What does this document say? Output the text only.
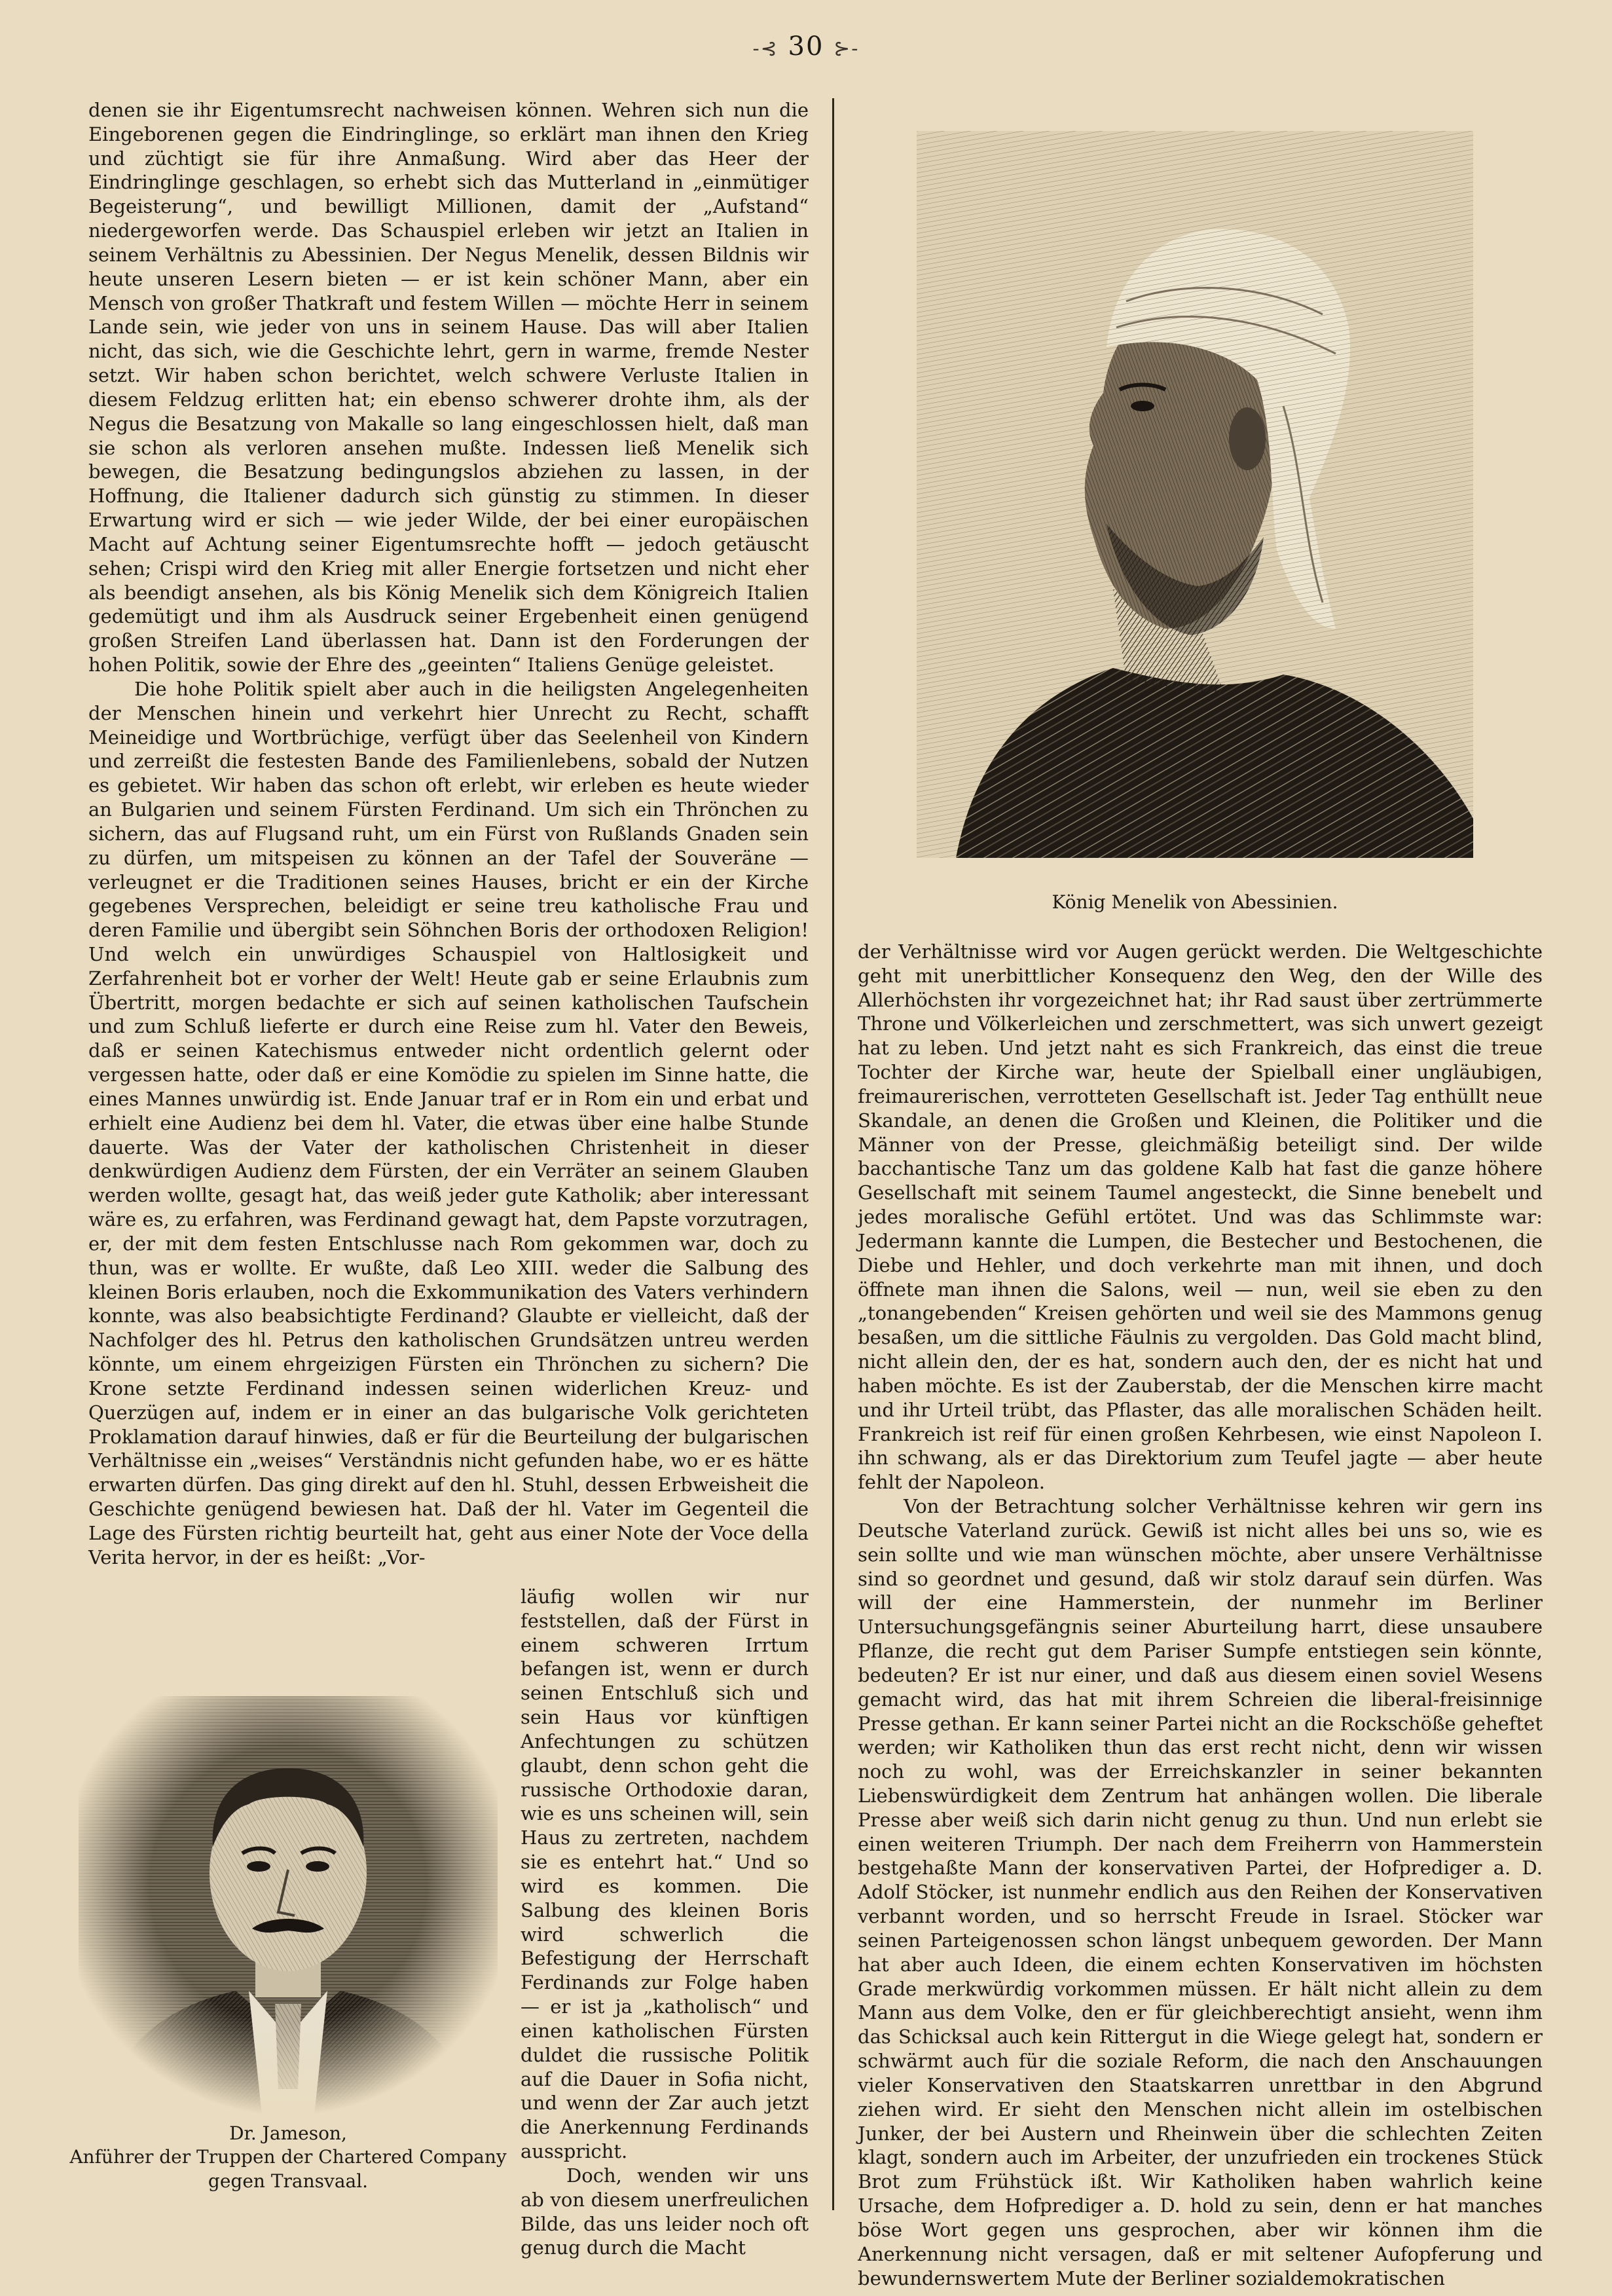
-⊰ 30 ⊱-

denen sie ihr Eigentumsrecht nachweisen können. Wehren sich nun die Eingeborenen gegen die Eindringlinge, so erklärt man ihnen den Krieg und züchtigt sie für ihre Anmaßung. Wird aber das Heer der Eindringlinge geschlagen, so erhebt sich das Mutterland in „einmütiger Begeisterung“, und bewilligt Millionen, damit der „Aufstand“ niedergeworfen werde. Das Schauspiel erleben wir jetzt an Italien in seinem Verhältnis zu Abessinien. Der Negus Menelik, dessen Bildnis wir heute unseren Lesern bieten — er ist kein schöner Mann, aber ein Mensch von großer Thatkraft und festem Willen — möchte Herr in seinem Lande sein, wie jeder von uns in seinem Hause. Das will aber Italien nicht, das sich, wie die Geschichte lehrt, gern in warme, fremde Nester setzt. Wir haben schon berichtet, welch schwere Verluste Italien in diesem Feldzug erlitten hat; ein ebenso schwerer drohte ihm, als der Negus die Besatzung von Makalle so lang eingeschlossen hielt, daß man sie schon als verloren ansehen mußte. Indessen ließ Menelik sich bewegen, die Besatzung bedingungslos abziehen zu lassen, in der Hoffnung, die Italiener dadurch sich günstig zu stimmen. In dieser Erwartung wird er sich — wie jeder Wilde, der bei einer europäischen Macht auf Achtung seiner Eigentumsrechte hofft — jedoch getäuscht sehen; Crispi wird den Krieg mit aller Energie fortsetzen und nicht eher als beendigt ansehen, als bis König Menelik sich dem Königreich Italien gedemütigt und ihm als Ausdruck seiner Ergebenheit einen genügend großen Streifen Land überlassen hat. Dann ist den Forderungen der hohen Politik, sowie der Ehre des „geeinten“ Italiens Genüge geleistet.

Die hohe Politik spielt aber auch in die heiligsten Angelegenheiten der Menschen hinein und verkehrt hier Unrecht zu Recht, schafft Meineidige und Wortbrüchige, verfügt über das Seelenheil von Kindern und zerreißt die festesten Bande des Familienlebens, sobald der Nutzen es gebietet. Wir haben das schon oft erlebt, wir erleben es heute wieder an Bulgarien und seinem Fürsten Ferdinand. Um sich ein Thrönchen zu sichern, das auf Flugsand ruht, um ein Fürst von Rußlands Gnaden sein zu dürfen, um mitspeisen zu können an der Tafel der Souveräne — verleugnet er die Traditionen seines Hauses, bricht er ein der Kirche gegebenes Versprechen, beleidigt er seine treu katholische Frau und deren Familie und übergibt sein Söhnchen Boris der orthodoxen Religion! Und welch ein unwürdiges Schauspiel von Haltlosigkeit und Zerfahrenheit bot er vorher der Welt! Heute gab er seine Erlaubnis zum Übertritt, morgen bedachte er sich auf seinen katholischen Taufschein und zum Schluß lieferte er durch eine Reise zum hl. Vater den Beweis, daß er seinen Katechismus entweder nicht ordentlich gelernt oder vergessen hatte, oder daß er eine Komödie zu spielen im Sinne hatte, die eines Mannes unwürdig ist. Ende Januar traf er in Rom ein und erbat und erhielt eine Audienz bei dem hl. Vater, die etwas über eine halbe Stunde dauerte. Was der Vater der katholischen Christenheit in dieser denkwürdigen Audienz dem Fürsten, der ein Verräter an seinem Glauben werden wollte, gesagt hat, das weiß jeder gute Katholik; aber interessant wäre es, zu erfahren, was Ferdinand gewagt hat, dem Papste vorzutragen, er, der mit dem festen Entschlusse nach Rom gekommen war, doch zu thun, was er wollte. Er wußte, daß Leo XIII. weder die Salbung des kleinen Boris erlauben, noch die Exkommunikation des Vaters verhindern konnte, was also beabsichtigte Ferdinand? Glaubte er vielleicht, daß der Nachfolger des hl. Petrus den katholischen Grundsätzen untreu werden könnte, um einem ehrgeizigen Fürsten ein Thrönchen zu sichern? Die Krone setzte Ferdinand indessen seinen widerlichen Kreuz- und Querzügen auf, indem er in einer an das bulgarische Volk gerichteten Proklamation darauf hinwies, daß er für die Beurteilung der bulgarischen Verhältnisse ein „weises“ Verständnis nicht gefunden habe, wo er es hätte erwarten dürfen. Das ging direkt auf den hl. Stuhl, dessen Erbweisheit die Geschichte genügend bewiesen hat. Daß der hl. Vater im Gegenteil die Lage des Fürsten richtig beurteilt hat, geht aus einer Note der Voce della Verita hervor, in der es heißt: „Vor-

läufig wollen wir nur feststellen, daß der Fürst in einem schweren Irrtum befangen ist, wenn er durch seinen Entschluß sich und sein Haus vor künftigen Anfechtungen zu schützen glaubt, denn schon geht die russische Orthodoxie daran, wie es uns scheinen will, sein Haus zu zertreten, nachdem sie es entehrt hat.“ Und so wird es kommen. Die Salbung des kleinen Boris wird schwerlich die Befestigung der Herrschaft Ferdinands zur Folge haben — er ist ja „katholisch“ und einen katholischen Fürsten duldet die russische Politik auf die Dauer in Sofia nicht, und wenn der Zar auch jetzt die Anerkennung Ferdinands ausspricht.

Doch, wenden wir uns ab von diesem unerfreulichen Bilde, das uns leider noch oft genug durch die Macht

König Menelik von Abessinien.
Dr. Jameson,
Anführer der Truppen der Chartered Company
gegen Transvaal.

der Verhältnisse wird vor Augen gerückt werden. Die Weltgeschichte geht mit unerbittlicher Konsequenz den Weg, den der Wille des Allerhöchsten ihr vorgezeichnet hat; ihr Rad saust über zertrümmerte Throne und Völkerleichen und zerschmettert, was sich unwert gezeigt hat zu leben. Und jetzt naht es sich Frankreich, das einst die treue Tochter der Kirche war, heute der Spielball einer ungläubigen, freimaurerischen, verrotteten Gesellschaft ist. Jeder Tag enthüllt neue Skandale, an denen die Großen und Kleinen, die Politiker und die Männer von der Presse, gleichmäßig beteiligt sind. Der wilde bacchantische Tanz um das goldene Kalb hat fast die ganze höhere Gesellschaft mit seinem Taumel angesteckt, die Sinne benebelt und jedes moralische Gefühl ertötet. Und was das Schlimmste war: Jedermann kannte die Lumpen, die Bestecher und Bestochenen, die Diebe und Hehler, und doch verkehrte man mit ihnen, und doch öffnete man ihnen die Salons, weil — nun, weil sie eben zu den „tonangebenden“ Kreisen gehörten und weil sie des Mammons genug besaßen, um die sittliche Fäulnis zu vergolden. Das Gold macht blind, nicht allein den, der es hat, sondern auch den, der es nicht hat und haben möchte. Es ist der Zauberstab, der die Menschen kirre macht und ihr Urteil trübt, das Pflaster, das alle moralischen Schäden heilt. Frankreich ist reif für einen großen Kehrbesen, wie einst Napoleon I. ihn schwang, als er das Direktorium zum Teufel jagte — aber heute fehlt der Napoleon.

Von der Betrachtung solcher Verhältnisse kehren wir gern ins Deutsche Vaterland zurück. Gewiß ist nicht alles bei uns so, wie es sein sollte und wie man wünschen möchte, aber unsere Verhältnisse sind so geordnet und gesund, daß wir stolz darauf sein dürfen. Was will der eine Hammerstein, der nunmehr im Berliner Untersuchungsgefängnis seiner Aburteilung harrt, diese unsaubere Pflanze, die recht gut dem Pariser Sumpfe entstiegen sein könnte, bedeuten? Er ist nur einer, und daß aus diesem einen soviel Wesens gemacht wird, das hat mit ihrem Schreien die liberal-freisinnige Presse gethan. Er kann seiner Partei nicht an die Rockschöße geheftet werden; wir Katholiken thun das erst recht nicht, denn wir wissen noch zu wohl, was der Erreichskanzler in seiner bekannten Liebenswürdigkeit dem Zentrum hat anhängen wollen. Die liberale Presse aber weiß sich darin nicht genug zu thun. Und nun erlebt sie einen weiteren Triumph. Der nach dem Freiherrn von Hammerstein bestgehaßte Mann der konservativen Partei, der Hofprediger a. D. Adolf Stöcker, ist nunmehr endlich aus den Reihen der Konservativen verbannt worden, und so herrscht Freude in Israel. Stöcker war seinen Parteigenossen schon längst unbequem geworden. Der Mann hat aber auch Ideen, die einem echten Konservativen im höchsten Grade merkwürdig vorkommen müssen. Er hält nicht allein zu dem Mann aus dem Volke, den er für gleichberechtigt ansieht, wenn ihm das Schicksal auch kein Rittergut in die Wiege gelegt hat, sondern er schwärmt auch für die soziale Reform, die nach den Anschauungen vieler Konservativen den Staatskarren unrettbar in den Abgrund ziehen wird. Er sieht den Menschen nicht allein im ostelbischen Junker, der bei Austern und Rheinwein über die schlechten Zeiten klagt, sondern auch im Arbeiter, der unzufrieden ein trockenes Stück Brot zum Frühstück ißt. Wir Katholiken haben wahrlich keine Ursache, dem Hofprediger a. D. hold zu sein, denn er hat manches böse Wort gegen uns gesprochen, aber wir können ihm die Anerkennung nicht versagen, daß er mit seltener Aufopferung und bewundernswertem Mute der Berliner sozialdemokratischen
